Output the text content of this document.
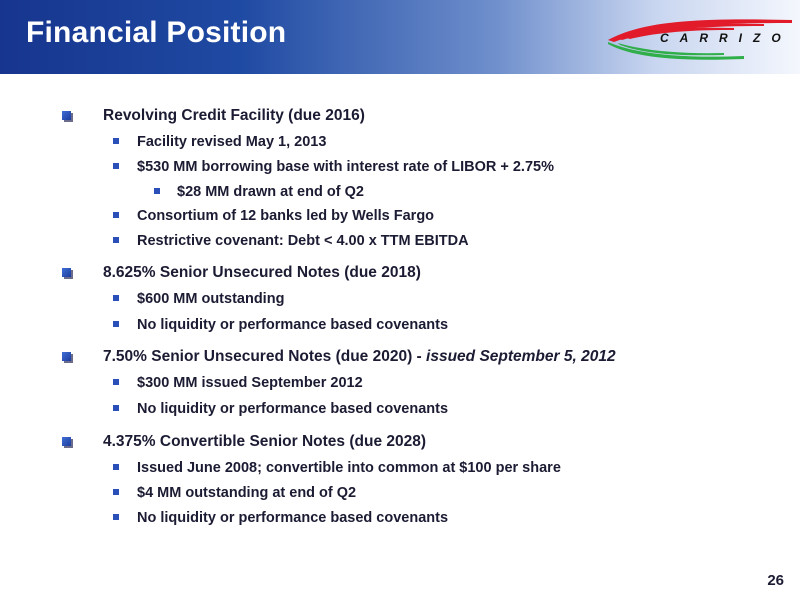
Financial Position	CARRIZO
Revolving Credit Facility (due 2016)
Facility revised May 1, 2013
$530 MM borrowing base with interest rate of LIBOR + 2.75%
$28 MM drawn at end of Q2
Consortium of 12 banks led by Wells Fargo
Restrictive covenant: Debt < 4.00 x TTM EBITDA
8.625% Senior Unsecured Notes (due 2018)
$600 MM outstanding
No liquidity or performance based covenants
7.50% Senior Unsecured Notes (due 2020) - issued September 5, 2012
$300 MM issued September 2012
No liquidity or performance based covenants
4.375% Convertible Senior Notes (due 2028)
Issued June 2008; convertible into common at $100 per share
$4 MM outstanding at end of Q2
No liquidity or performance based covenants
26
